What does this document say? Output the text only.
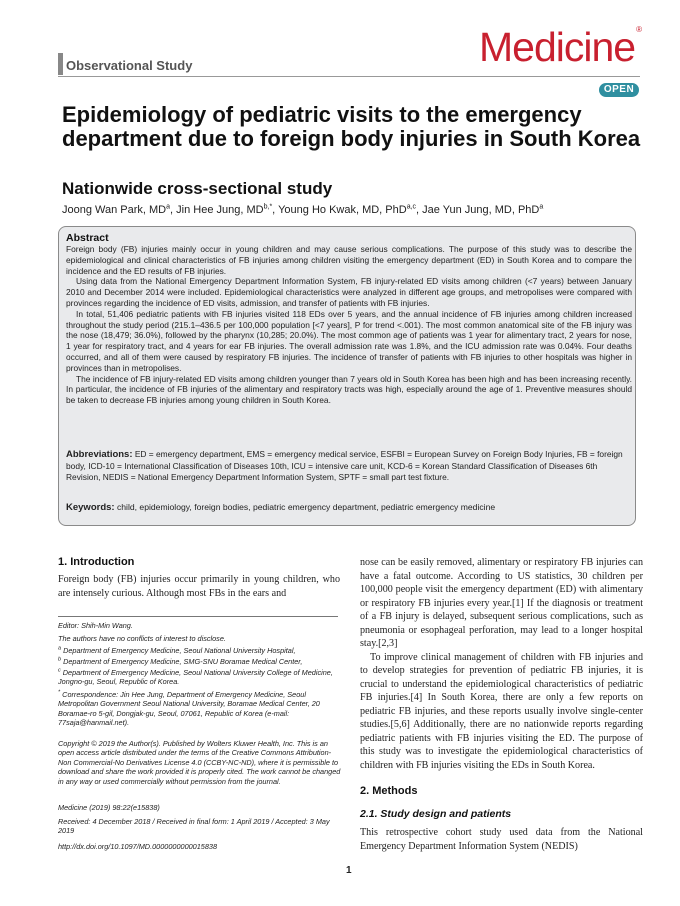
Medicine®
OPEN
Observational Study
Epidemiology of pediatric visits to the emergency department due to foreign body injuries in South Korea
Nationwide cross-sectional study
Joong Wan Park, $MD^a$, Jin Hee Jung, $MD^{b,*}$, Young Ho Kwak, MD, PhD$^{a,c}$, Jae Yun Jung, MD, PhD$^a$
Abstract

Foreign body (FB) injuries mainly occur in young children and may cause serious complications. The purpose of this study was to describe the epidemiological and clinical characteristics of FB injuries among children visiting the emergency department (ED) in South Korea and to compare the incidence and the ED results of FB injuries.

Using data from the National Emergency Department Information System, FB injury-related ED visits among children (<7 years) between January 2010 and December 2014 were included. Epidemiological characteristics were analyzed in different age groups, and metropolises were compared with provinces regarding the incidence of ED visits, admission, and transfer of patients with FB injuries.

In total, 51,406 pediatric patients with FB injuries visited 118 EDs over 5 years, and the annual incidence of FB injuries among children increased throughout the study period (215.1–436.5 per 100,000 population [<7 years], P for trend <.001). The most common anatomical site of the FB injury was the nose (18,479; 36.0%), followed by the pharynx (10,285; 20.0%). The most common age of patients was 1 year for alimentary tract, 2 years for nose, 1 year for respiratory tract, and 4 years for ear FB injuries. The overall admission rate was 1.8%, and the ICU admission rate was 0.04%. Four deaths occurred, and all of them were caused by respiratory FB injuries. The incidence of transfer of patients with FB injuries to other hospitals was higher in provinces than in metropolises.

The incidence of FB injury-related ED visits among children younger than 7 years old in South Korea has been high and has been increasing recently. In particular, the incidence of FB injuries of the alimentary and respiratory tracts was high, especially around the age of 1. Preventive measures should be taken to decrease FB injuries among young children in South Korea.

Abbreviations: ED = emergency department, EMS = emergency medical service, ESFBI = European Survey on Foreign Body Injuries, FB = foreign body, ICD-10 = International Classification of Diseases 10th, ICU = intensive care unit, KCD-6 = Korean Standard Classification of Diseases 6th Revision, NEDIS = National Emergency Department Information System, SPTF = small part test fixture.
Keywords: child, epidemiology, foreign bodies, pediatric emergency department, pediatric emergency medicine
1. Introduction

Foreign body (FB) injuries occur primarily in young children, who are intensely curious. Although most FBs in the ears and

Editor: Shih-Min Wang.
The authors have no conflicts of interest to disclose.
$^a$ Department of Emergency Medicine, Seoul National University Hospital,
$^b$ Department of Emergency Medicine, SMG-SNU Boramae Medical Center,
$^c$ Department of Emergency Medicine, Seoul National University College of Medicine, Jongno-gu, Seoul, Republic of Korea.
* Correspondence: Jin Hee Jung, Department of Emergency Medicine, Seoul Metropolitan Government Seoul National University, Boramae Medical Center, 20 Boramae-ro 5-gil, Dongjak-gu, Seoul, 07061, Republic of Korea (e-mail: 77saja@hanmail.net).
Copyright © 2019 the Author(s). Published by Wolters Kluwer Health, Inc. This is an open access article distributed under the terms of the Creative Commons Attribution-Non Commercial-No Derivatives License 4.0 (CCBY-NC-ND), where it is permissible to download and share the work provided it is properly cited. The work cannot be changed in any way or used commercially without permission from the journal.
Medicine (2019) 98:22(e15838)
Received: 4 December 2018 / Received in final form: 1 April 2019 / Accepted: 3 May 2019
http://dx.doi.org/10.1097/MD.0000000000015838

nose can be easily removed, alimentary or respiratory FB injuries can have a fatal outcome. According to US statistics, 30 children per 100,000 people visit the emergency department (ED) with alimentary or respiratory FB injuries every year.[1] If the diagnosis or treatment of a FB injury is delayed, subsequent serious complications, such as pneumonia or esophageal perforation, may lead to a longer hospital stay.[2,3]

To improve clinical management of children with FB injuries and to develop strategies for prevention of pediatric FB injuries, it is crucial to understand the epidemiological characteristics of pediatric FB injuries.[4] In South Korea, there are only a few reports on pediatric FB injuries, and these reports usually involve single-center studies.[5,6] Additionally, there are no nationwide reports regarding pediatric patients with FB injuries visiting the ED. The purpose of this study was to investigate the epidemiological characteristics of children with FB injuries visiting the EDs in South Korea.

2. Methods
2.1. Study design and patients

This retrospective cohort study used data from the National Emergency Department Information System (NEDIS)

1
